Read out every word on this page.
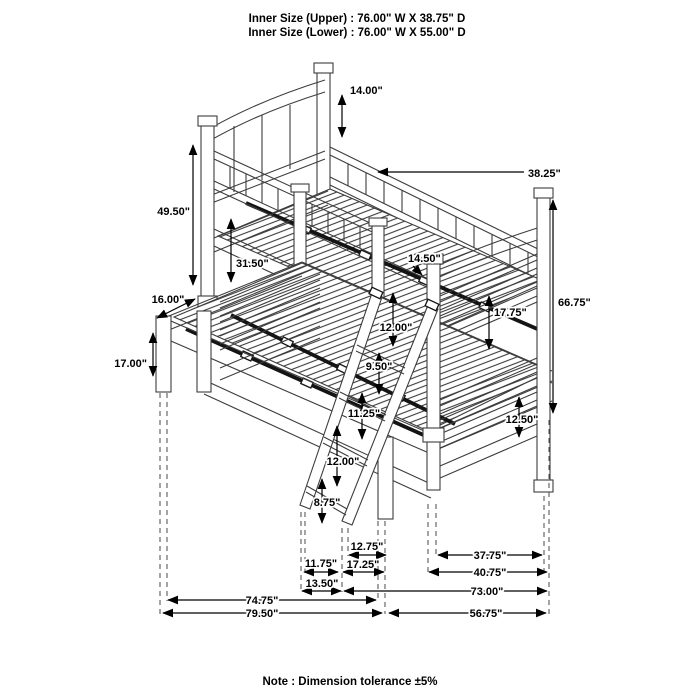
14.00"
38.25"
49.50"
31.50"
16.00"
17.00"
14.50"
66.75"
17.75"
12.00"
9.50"
11.25"
12.00"
8.75"
12.50"
12.75"
37.75"
11.75" 17.25"
40.75"
13.50"
73.00"
74.75"
79.50"	56.75"
Inner Size (Upper) : 76.00" W X 38.75" D
Inner Size (Lower) : 76.00" W X 55.00" D
Note : Dimension tolerance ±5%
